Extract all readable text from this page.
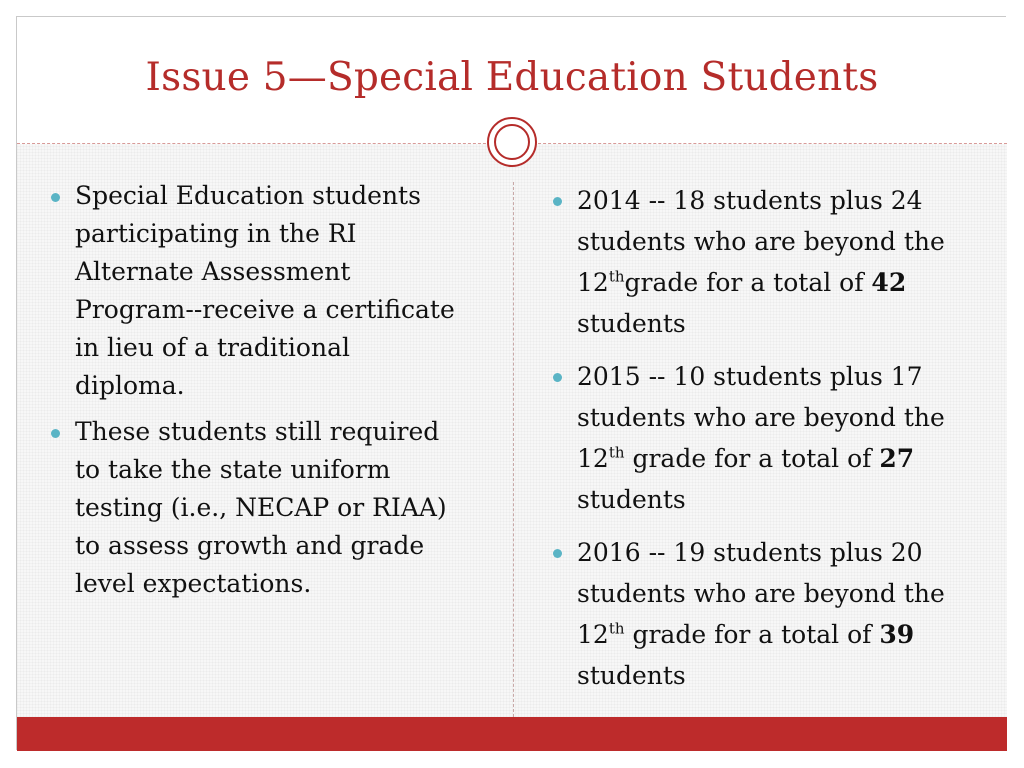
Issue 5—Special Education Students
Special Education students participating in the RI Alternate Assessment Program--receive a certificate in lieu of a traditional diploma.
These students still required to take the state uniform testing (i.e., NECAP or RIAA) to assess growth and grade level expectations.
2014 -- 18 students plus 24 students who are beyond the 12thgrade for a total of 42 students
2015 -- 10 students plus 17 students who are beyond the 12th grade for a total of 27 students
2016 -- 19 students plus 20 students who are beyond the 12th grade for a total of 39 students
